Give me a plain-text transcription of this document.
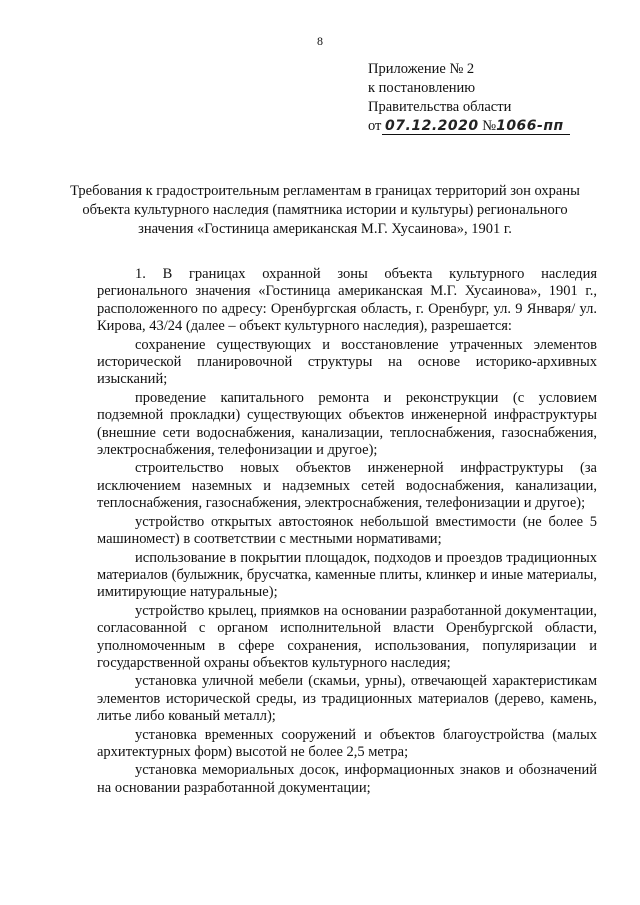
8
Приложение № 2
к постановлению
Правительства области
от 07.12.2020 №1066-пп
Требования к градостроительным регламентам в границах территорий зон охраны объекта культурного наследия (памятника истории и культуры) регионального значения «Гостиница американская М.Г. Хусаинова», 1901 г.

1. В границах охранной зоны объекта культурного наследия регионального значения «Гостиница американская М.Г. Хусаинова», 1901 г., расположенного по адресу: Оренбургская область, г. Оренбург, ул. 9 Января/ ул. Кирова, 43/24 (далее – объект культурного наследия), разрешается:

сохранение существующих и восстановление утраченных элементов исторической планировочной структуры на основе историко-архивных изысканий;

проведение капитального ремонта и реконструкции (с условием подземной прокладки) существующих объектов инженерной инфраструктуры (внешние сети водоснабжения, канализации, теплоснабжения, газоснабжения, электроснабжения, телефонизации и другое);

строительство новых объектов инженерной инфраструктуры (за исключением наземных и надземных сетей водоснабжения, канализации, теплоснабжения, газоснабжения, электроснабжения, телефонизации и другое);

устройство открытых автостоянок небольшой вместимости (не более 5 машиномест) в соответствии с местными нормативами;

использование в покрытии площадок, подходов и проездов традиционных материалов (булыжник, брусчатка, каменные плиты, клинкер и иные материалы, имитирующие натуральные);

устройство крылец, приямков на основании разработанной документации, согласованной с органом исполнительной власти Оренбургской области, уполномоченным в сфере сохранения, использования, популяризации и государственной охраны объектов культурного наследия;

установка уличной мебели (скамьи, урны), отвечающей характеристикам элементов исторической среды, из традиционных материалов (дерево, камень, литье либо кованый металл);

установка временных сооружений и объектов благоустройства (малых архитектурных форм) высотой не более 2,5 метра;

установка мемориальных досок, информационных знаков и обозначений на основании разработанной документации;
